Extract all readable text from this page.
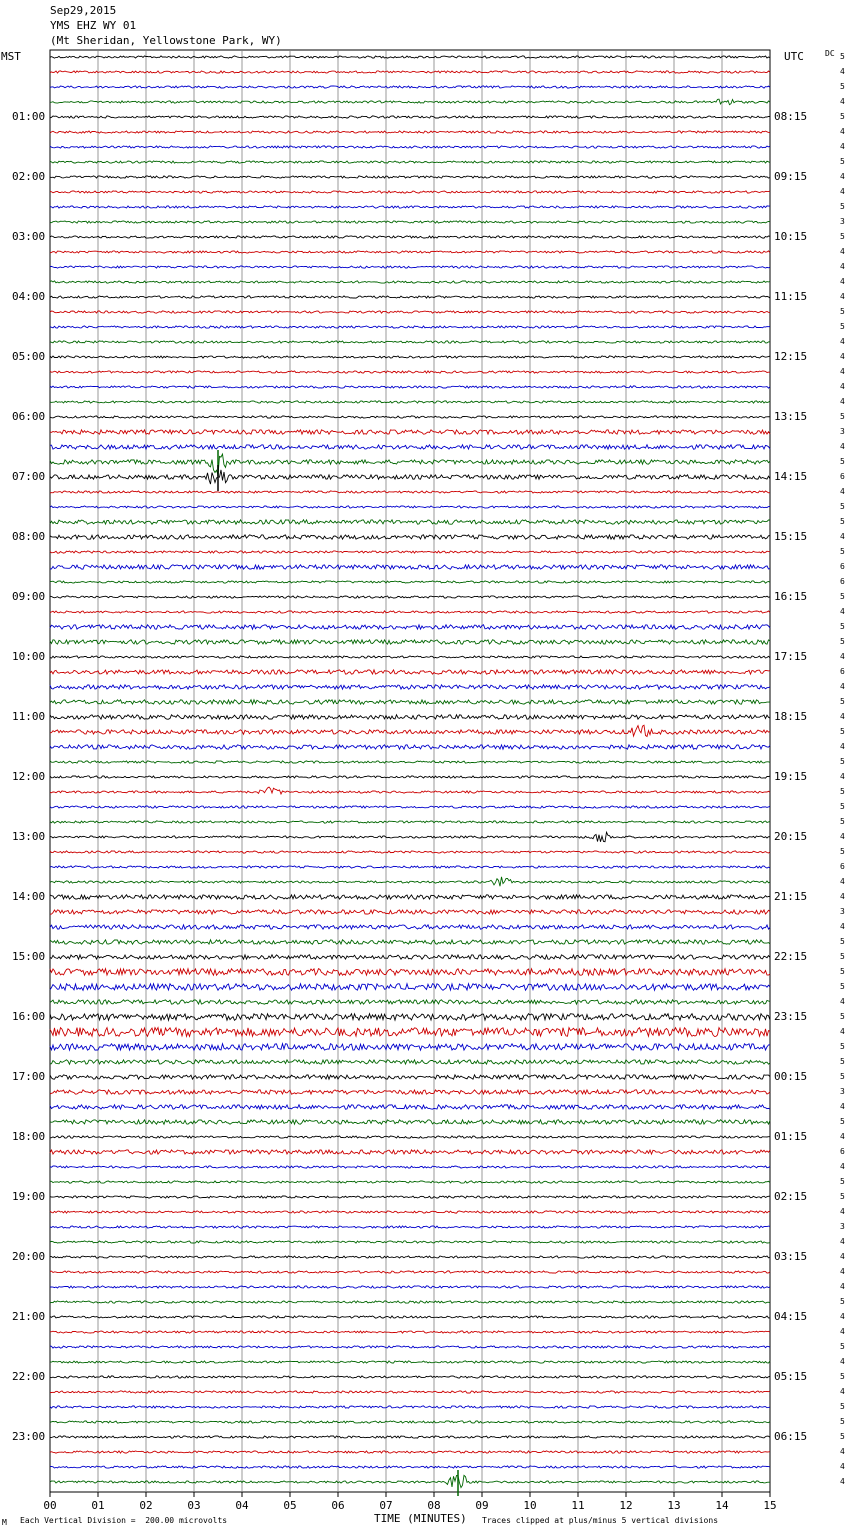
00	01	02	03	04	05	06	07	08	09	10	11	12	13	14	15
Sep29,2015
YMS EHZ WY 01
(Mt Sheridan, Yellowstone Park, WY)
MST	UTC	DC
01:00
02:00
03:00
04:00
05:00
06:00
07:00
08:00
09:00
10:00
11:00
12:00
13:00
14:00
15:00
16:00
17:00
18:00
19:00
20:00
21:00
22:00
23:00
08:15
09:15
10:15
11:15
12:15
13:15
14:15
15:15
16:15
17:15
18:15
19:15
20:15
21:15
22:15
23:15
00:15
01:15
02:15
03:15
04:15
05:15
06:15
5
4
5
4
5
4
4
5
4
4
5
3
5
4
4
4
4
5
5
4
4
4
4
4
5
3
4
5
6
4
5
5
4
5
6
6
5
4
5
5
4
6
4
5
4
5
4
5
4
5
5
5
4
5
6
4
4
3
4
5
5
5
5
4
5
4
5
5
5
3
4
5
4
6
4
5
5
4
3
4
4
4
4
5
4
4
5
4
5
4
5
5
5
4
4
4
M Each Vertical Division =  200.00 microvolts	TIME (MINUTES) Traces clipped at plus/minus 5 vertical divisions
